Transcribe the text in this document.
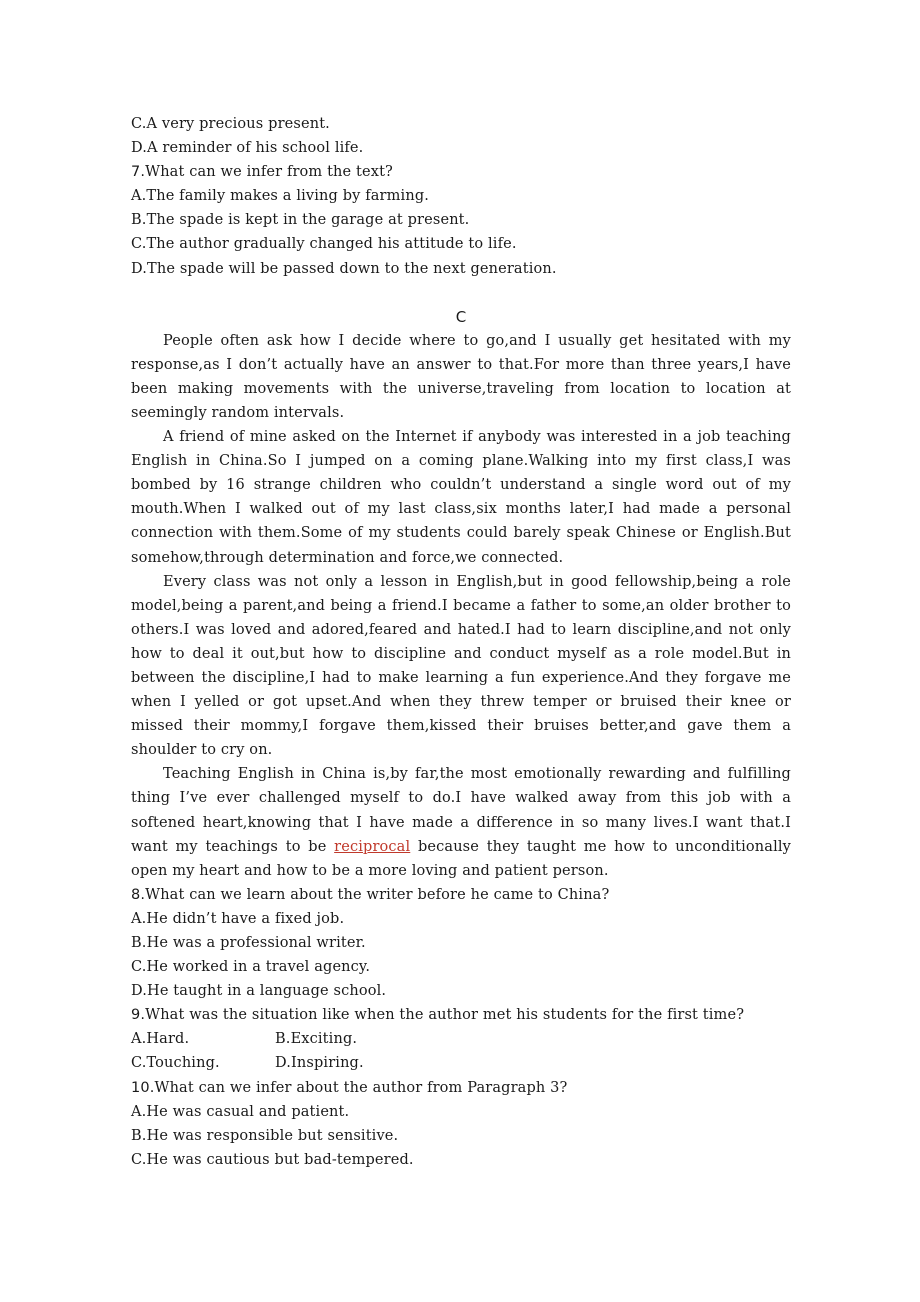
C.A very precious present.
D.A reminder of his school life.
7.What can we infer from the text?
A.The family makes a living by farming.
B.The spade is kept in the garage at present.
C.The author gradually changed his attitude to life.
D.The spade will be passed down to the next generation.
C

People often ask how I decide where to go,and I usually get hesitated with my response,as I don’t actually have an answer to that.For more than three years,I have been making movements with the universe,traveling from location to location at seemingly random intervals.

A friend of mine asked on the Internet if anybody was interested in a job teaching English in China.So I jumped on a coming plane.Walking into my first class,I was bombed by 16 strange children who couldn’t understand a single word out of my mouth.When I walked out of my last class,six months later,I had made a personal connection with them.Some of my students could barely speak Chinese or English.But somehow,through determination and force,we connected.

Every class was not only a lesson in English,but in good fellowship,being a role model,being a parent,and being a friend.I became a father to some,an older brother to others.I was loved and adored,feared and hated.I had to learn discipline,and not only how to deal it out,but how to discipline and conduct myself as a role model.But in between the discipline,I had to make learning a fun experience.And they forgave me when I yelled or got upset.And when they threw temper or bruised their knee or missed their mommy,I forgave them,kissed their bruises better,and gave them a shoulder to cry on.

Teaching English in China is,by far,the most emotionally rewarding and fulfilling thing I’ve ever challenged myself to do.I have walked away from this job with a softened heart,knowing that I have made a difference in so many lives.I want that.I want my teachings to be reciprocal because they taught me how to unconditionally open my heart and how to be a more loving and patient person.

8.What can we learn about the writer before he came to China?
A.He didn’t have a fixed job.
B.He was a professional writer.
C.He worked in a travel agency.
D.He taught in a language school.
9.What was the situation like when the author met his students for the first time?
A.Hard.	B.Exciting.
C.Touching.	D.Inspiring.
10.What can we infer about the author from Paragraph 3?
A.He was casual and patient.
B.He was responsible but sensitive.
C.He was cautious but bad-tempered.
